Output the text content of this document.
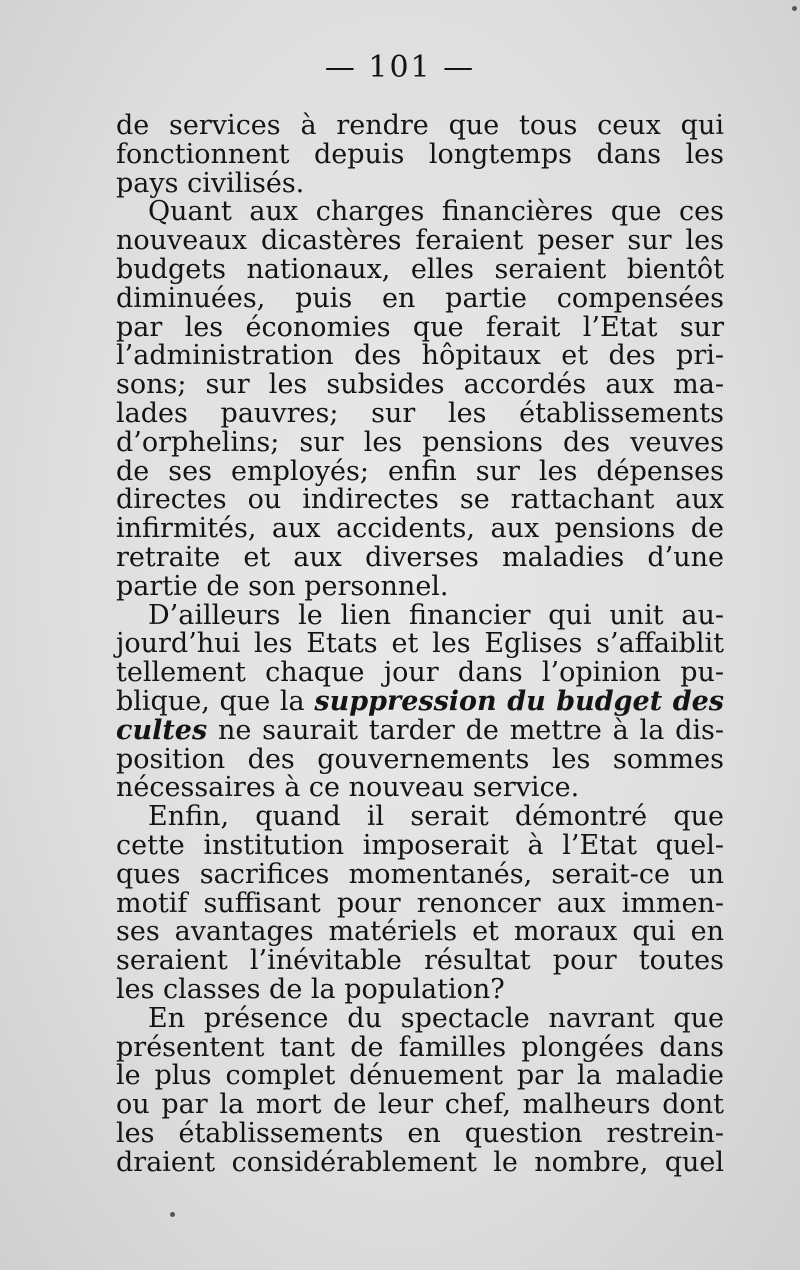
— 101 —
de services à rendre que tous ceux qui
fonctionnent depuis longtemps dans les
pays civilisés.
Quant aux charges financières que ces
nouveaux dicastères feraient peser sur les
budgets nationaux, elles seraient bientôt
diminuées, puis en partie compensées
par les économies que ferait l’Etat sur
l’administration des hôpitaux et des pri-
sons; sur les subsides accordés aux ma-
lades pauvres; sur les établissements
d’orphelins; sur les pensions des veuves
de ses employés; enfin sur les dépenses
directes ou indirectes se rattachant aux
infirmités, aux accidents, aux pensions de
retraite et aux diverses maladies d’une
partie de son personnel.
D’ailleurs le lien financier qui unit au-
jourd’hui les Etats et les Eglises s’affaiblit
tellement chaque jour dans l’opinion pu-
blique, que la suppression du budget des
cultes ne saurait tarder de mettre à la dis-
position des gouvernements les sommes
nécessaires à ce nouveau service.
Enfin, quand il serait démontré que
cette institution imposerait à l’Etat quel-
ques sacrifices momentanés, serait-ce un
motif suffisant pour renoncer aux immen-
ses avantages matériels et moraux qui en
seraient l’inévitable résultat pour toutes
les classes de la population?
En présence du spectacle navrant que
présentent tant de familles plongées dans
le plus complet dénuement par la maladie
ou par la mort de leur chef, malheurs dont
les établissements en question restrein-
draient considérablement le nombre, quel
